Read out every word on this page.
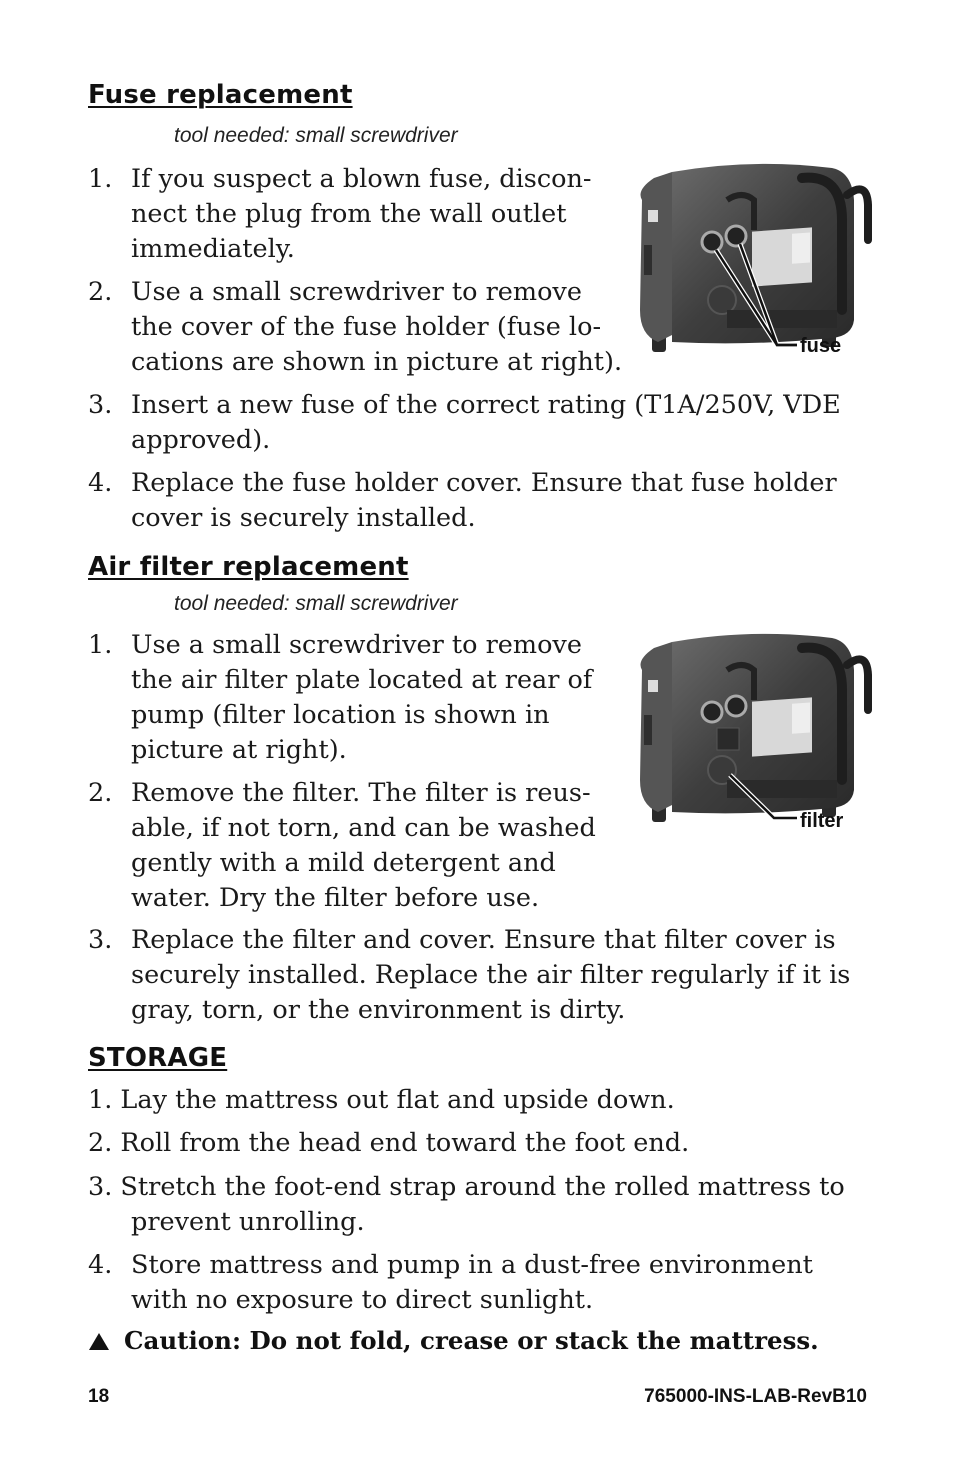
Fuse replacement
tool needed: small screwdriver
1. If you suspect a blown fuse, discon-
nect the plug from the wall outlet
immediately.
2. Use a small screwdriver to remove
the cover of the fuse holder (fuse lo-
cations are shown in picture at right).
3. Insert a new fuse of the correct rating (T1A/250V, VDE
approved).
4. Replace the fuse holder cover. Ensure that fuse holder
cover is securely installed.
fuse
Air filter replacement
tool needed: small screwdriver
1. Use a small screwdriver to remove
the air filter plate located at rear of
pump (filter location is shown in
picture at right).
2. Remove the filter. The filter is reus-
able, if not torn, and can be washed
gently with a mild detergent and
water. Dry the filter before use.
3. Replace the filter and cover. Ensure that filter cover is
securely installed. Replace the air filter regularly if it is
gray, torn, or the environment is dirty.
filter
STORAGE
1. Lay the mattress out flat and upside down.
2. Roll from the head end toward the foot end.
3. Stretch the foot-end strap around the rolled mattress to
prevent unrolling.
4. Store mattress and pump in a dust-free environment
with no exposure to direct sunlight.
Caution: Do not fold, crease or stack the mattress.
18	765000-INS-LAB-RevB10
